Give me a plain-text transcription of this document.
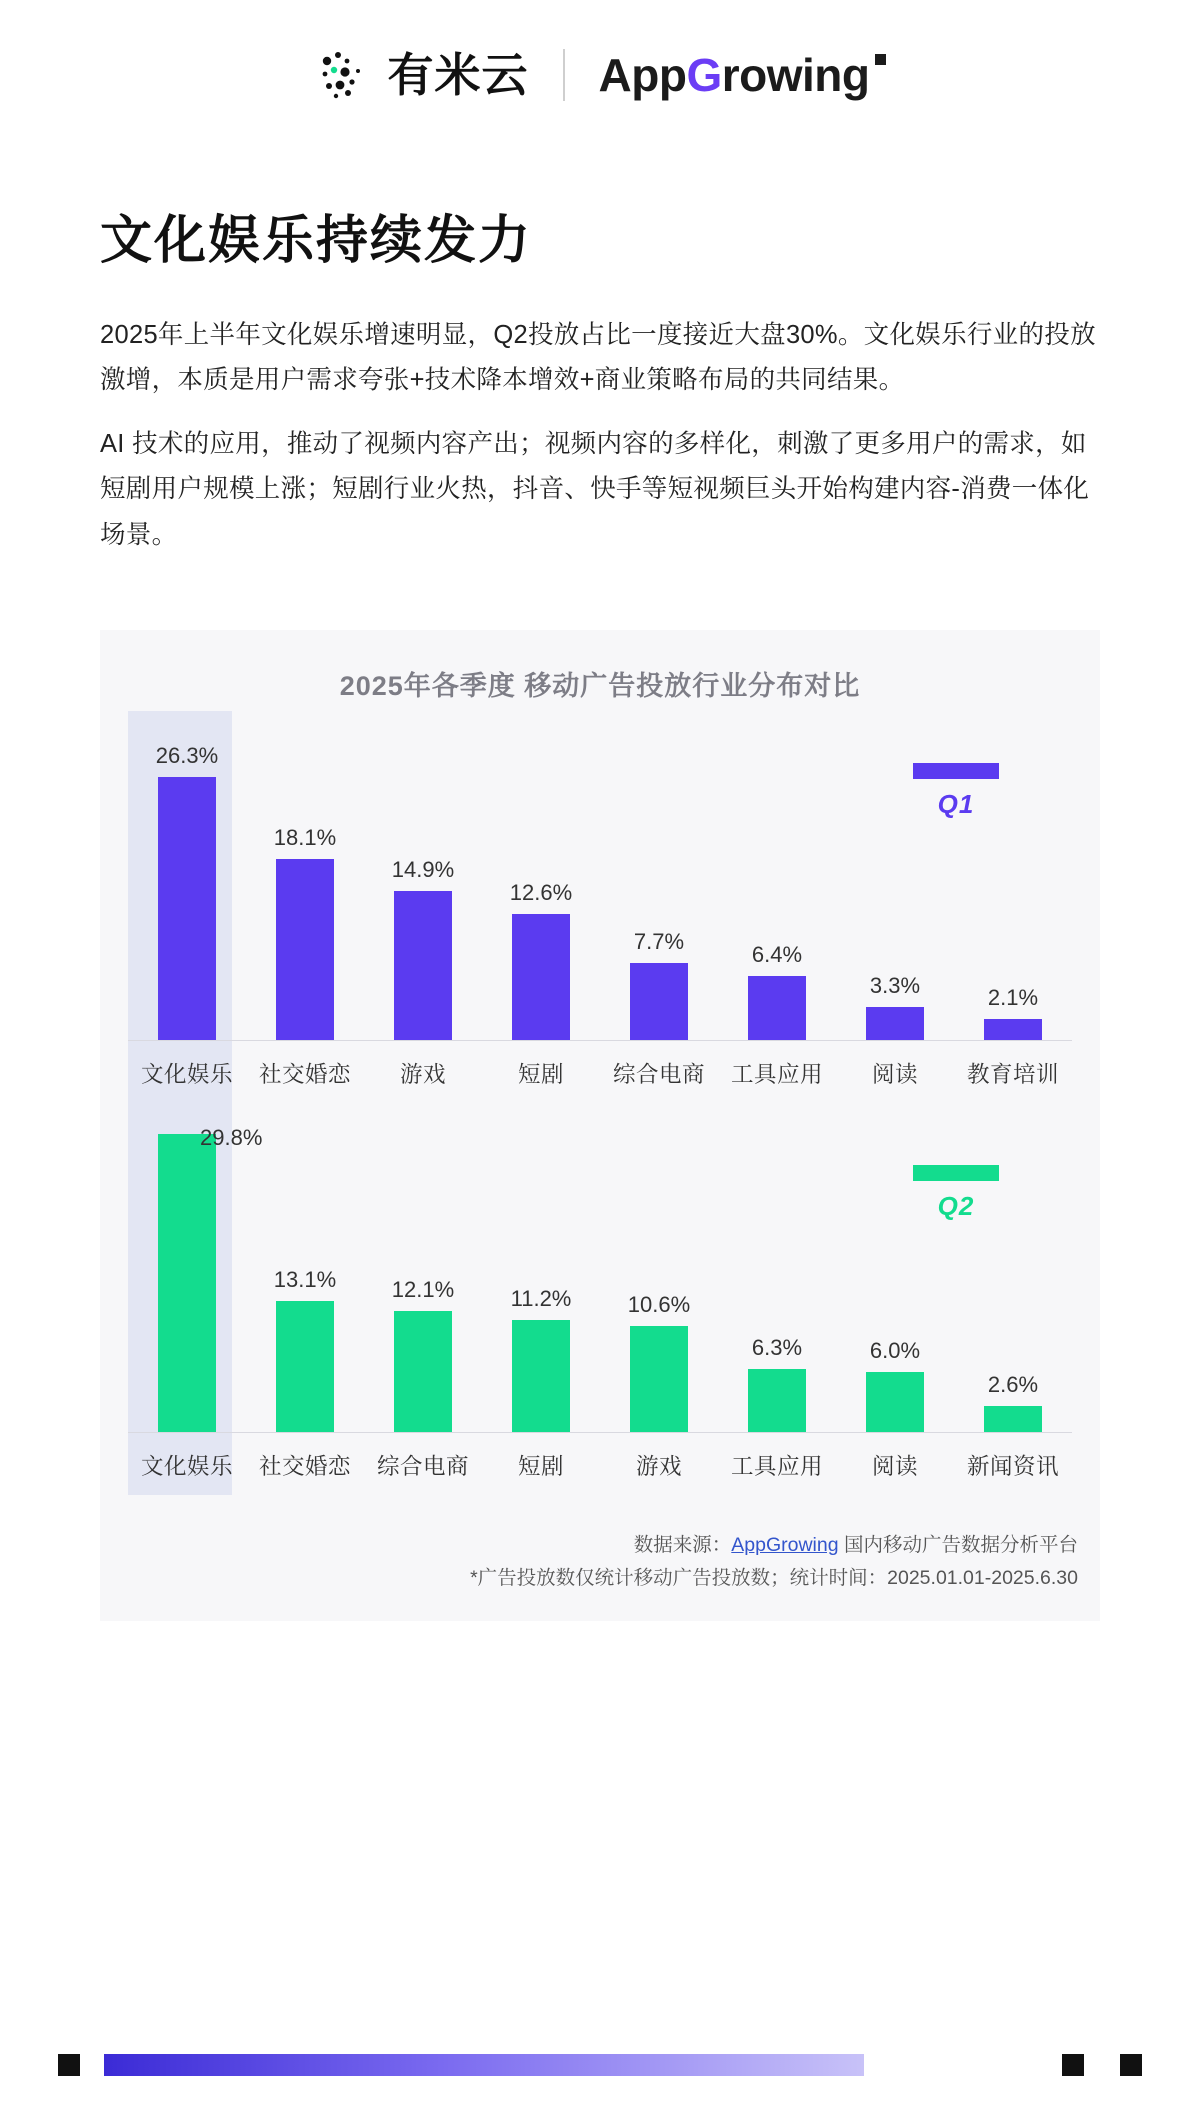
有米云 App G rowing
文化娱乐持续发力

2025年上半年文化娱乐增速明显，Q2投放占比一度接近大盘30%。文化娱乐行业的投放激增，本质是用户需求夸张+技术降本增效+商业策略布局的共同结果。

AI 技术的应用，推动了视频内容产出；视频内容的多样化，刺激了更多用户的需求，如短剧用户规模上涨；短剧行业火热，抖音、快手等短视频巨头开始构建内容-消费一体化场景。

2025年各季度 移动广告投放行业分布对比
Q1
26.3%
18.1%
14.9%
12.6%
7.7%
6.4%
3.3%	2.1%
文化娱乐	社交婚恋	游戏	短剧	综合电商	工具应用	阅读	教育培训
Q2
29.8%
13.1%	12.1%	11.2%	10.6%
6.3%	6.0%
2.6%
文化娱乐	社交婚恋	综合电商	短剧	游戏	工具应用	阅读	新闻资讯
数据来源：AppGrowing 国内移动广告数据分析平台
*广告投放数仅统计移动广告投放数；统计时间：2025.01.01-2025.6.30
